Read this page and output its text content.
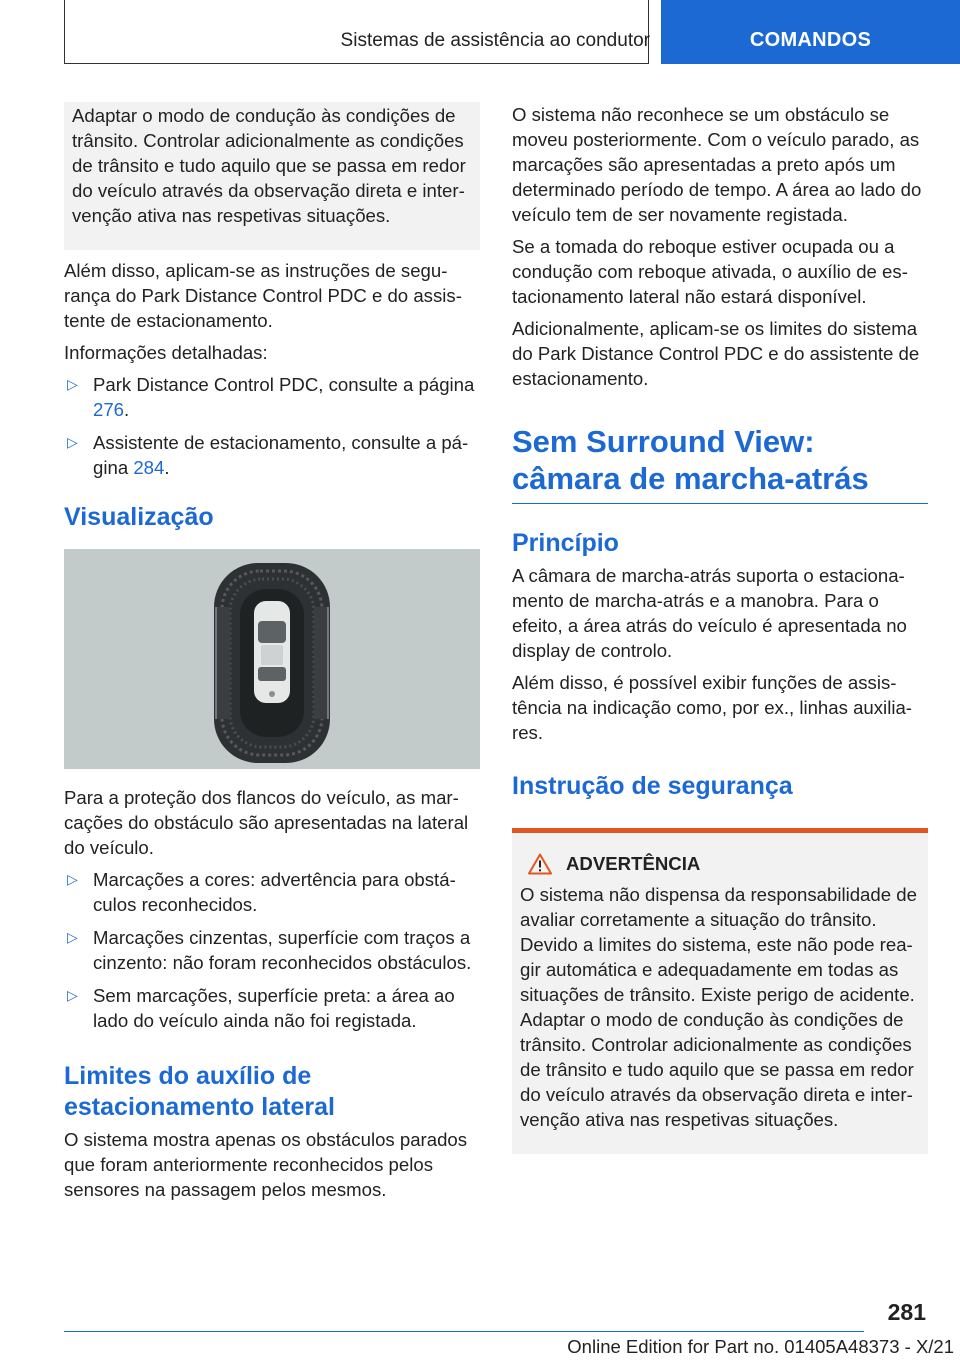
Sistemas de assistência ao condutor	COMANDOS

Adaptar o modo de condução às condições de trânsito. Controlar adicionalmente as condições de trânsito e tudo aquilo que se passa em redor do veículo através da observação direta e intervenção ativa nas respetivas situações.

Além disso, aplicam-se as instruções de segurança do Park Distance Control PDC e do assistente de estacionamento.

Informações detalhadas:

▷ Park Distance Control PDC, consulte a página 276.
▷ Assistente de estacionamento, consulte a página 284.
Visualização

Para a proteção dos flancos do veículo, as marcações do obstáculo são apresentadas na lateral do veículo.

▷ Marcações a cores: advertência para obstáculos reconhecidos.
▷ Marcações cinzentas, superfície com traços a cinzento: não foram reconhecidos obstáculos.
▷ Sem marcações, superfície preta: a área ao lado do veículo ainda não foi registada.
Limites do auxílio de estacionamento lateral

O sistema mostra apenas os obstáculos parados que foram anteriormente reconhecidos pelos sensores na passagem pelos mesmos.

O sistema não reconhece se um obstáculo se moveu posteriormente. Com o veículo parado, as marcações são apresentadas a preto após um determinado período de tempo. A área ao lado do veículo tem de ser novamente registada.

Se a tomada do reboque estiver ocupada ou a condução com reboque ativada, o auxílio de estacionamento lateral não estará disponível.

Adicionalmente, aplicam-se os limites do sistema do Park Distance Control PDC e do assistente de estacionamento.

Sem Surround View: câmara de marcha-atrás
Princípio

A câmara de marcha-atrás suporta o estacionamento de marcha-atrás e a manobra. Para o efeito, a área atrás do veículo é apresentada no display de controlo.

Além disso, é possível exibir funções de assistência na indicação como, por ex., linhas auxiliares.

Instrução de segurança
ADVERTÊNCIA

O sistema não dispensa da responsabilidade de avaliar corretamente a situação do trânsito. Devido a limites do sistema, este não pode reagir automática e adequadamente em todas as situações de trânsito. Existe perigo de acidente. Adaptar o modo de condução às condições de trânsito. Controlar adicionalmente as condições de trânsito e tudo aquilo que se passa em redor do veículo através da observação direta e intervenção ativa nas respetivas situações.

281
Online Edition for Part no. 01405A48373 - X/21
